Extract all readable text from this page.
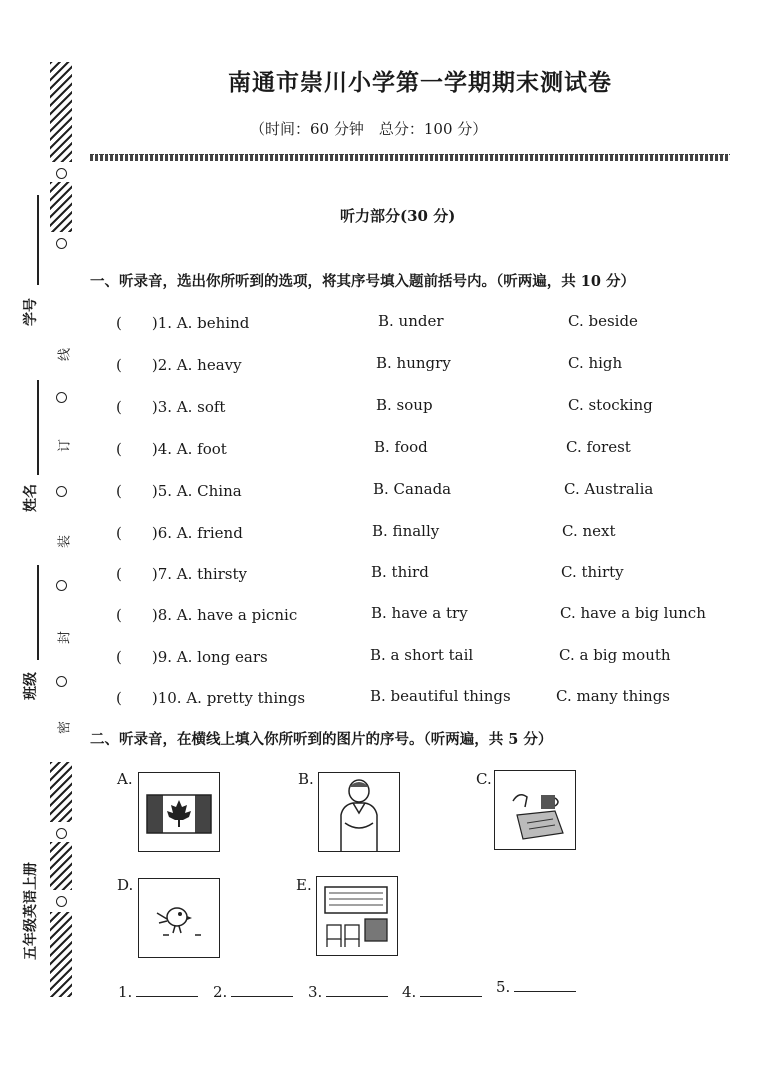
线
订
装
封
密
学号
姓名
班级
五年级英语上册
南通市崇川小学第一学期期末测试卷
（时间：60 分钟　总分：100 分）
听力部分(30 分)
一、听录音，选出你所听到的选项，将其序号填入题前括号内。（听两遍，共 10 分）
(　　)1. A. behind	B. under	C. beside
(　　)2. A. heavy	B. hungry	C. high
(　　)3. A. soft	B. soup	C. stocking
(　　)4. A. foot	B. food	C. forest
(　　)5. A. China	B. Canada	C. Australia
(　　)6. A. friend	B. finally	C. next
(　　)7. A. thirsty	B. third	C. thirty
(　　)8. A. have a picnic	B. have a try	C. have a big lunch
(　　)9. A. long ears	B. a short tail	C. a big mouth
(　　)10. A. pretty things	B. beautiful things	C. many things
二、听录音，在横线上填入你所听到的图片的序号。（听两遍，共 5 分）
A.	B.	C.
D.	E.
1.	2.	3.	4.	5.
